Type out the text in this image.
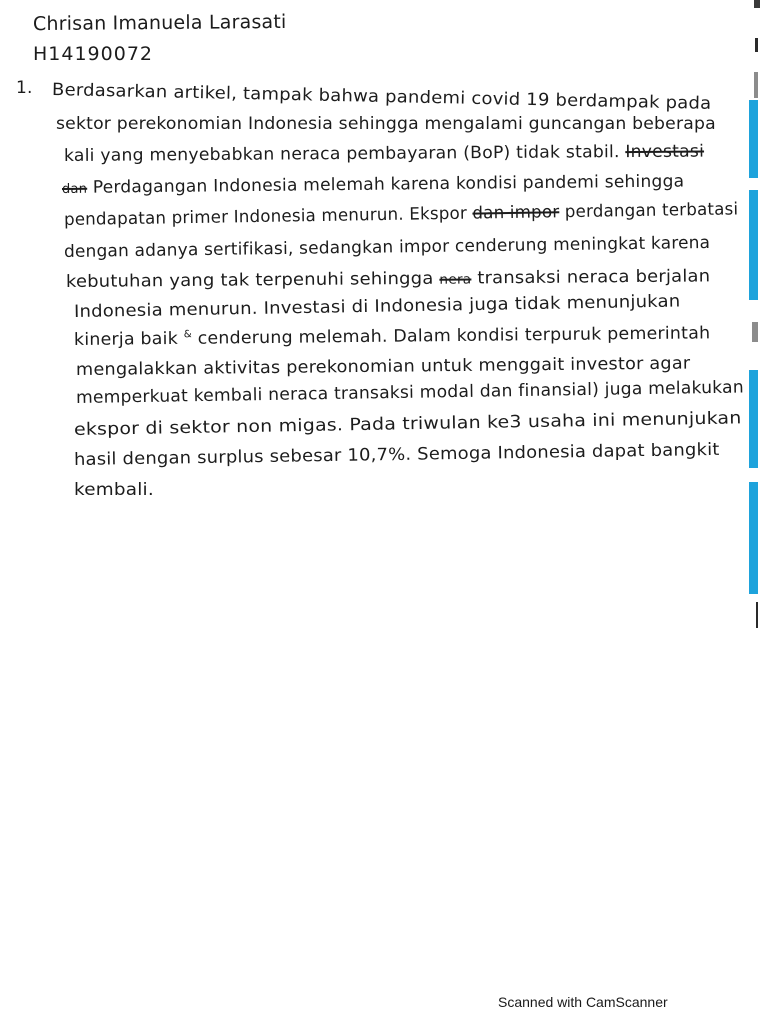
Chrisan Imanuela Larasati
H14190072
1. Berdasarkan artikel, tampak bahwa pandemi covid 19 berdampak pada
sektor perekonomian Indonesia sehingga mengalami guncangan beberapa
kali yang menyebabkan neraca pembayaran (BoP) tidak stabil. Investasi
dan Perdagangan Indonesia melemah karena kondisi pandemi sehingga
pendapatan primer Indonesia menurun. Ekspor dan impor perdangan terbatasi
dengan adanya sertifikasi, sedangkan impor cenderung meningkat karena
kebutuhan yang tak terpenuhi sehingga nera transaksi neraca berjalan
Indonesia menurun. Investasi di Indonesia juga tidak menunjukan
kinerja baik & cenderung melemah. Dalam kondisi terpuruk pemerintah
mengalakkan aktivitas perekonomian untuk menggait investor agar
memperkuat kembali neraca transaksi modal dan finansial) juga melakukan
ekspor di sektor non migas. Pada triwulan ke3 usaha ini menunjukan
hasil dengan surplus sebesar 10,7%. Semoga Indonesia dapat bangkit
kembali.
Scanned with CamScanner
